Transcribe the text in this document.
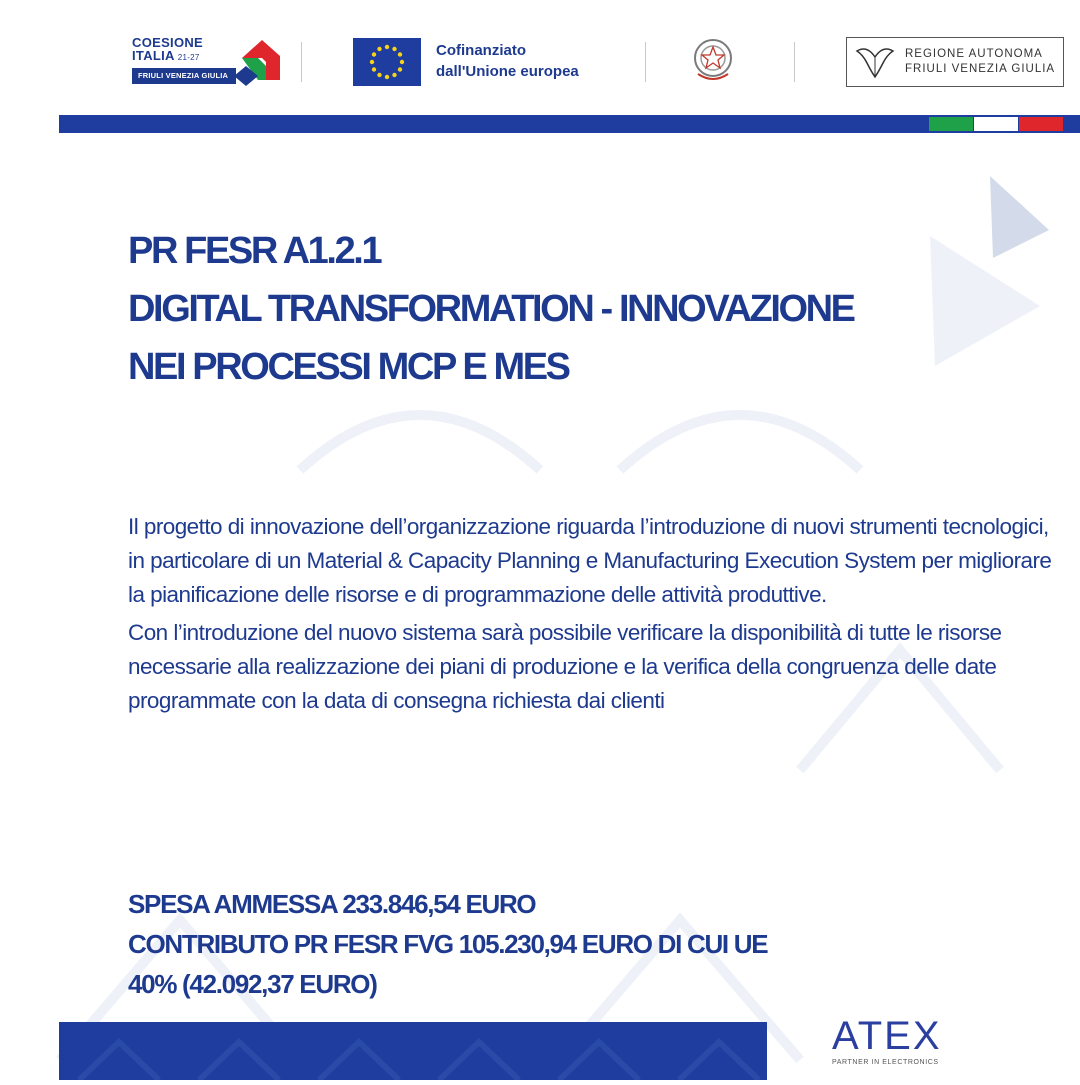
COESIONE
ITALIA 21-27
FRIULI VENEZIA GIULIA
Cofinanziato
dall'Unione europea
REGIONE AUTONOMA
FRIULI VENEZIA GIULIA
PR FESR A1.2.1
DIGITAL TRANSFORMATION - INNOVAZIONE
NEI PROCESSI MCP E MES

Il progetto di innovazione dell’organizzazione riguarda l’introduzione di nuovi strumenti tecnologici, in particolare di un Material & Capacity Planning e Manufacturing Execution System per migliorare la pianificazione delle risorse e di programmazione delle attività produttive.

Con l’introduzione del nuovo sistema sarà possibile verificare la disponibilità di tutte le risorse necessarie alla realizzazione dei piani di produzione e la verifica della congruenza delle date programmate con la data di consegna richiesta dai clienti

SPESA AMMESSA 233.846,54 EURO
CONTRIBUTO PR FESR FVG 105.230,94 EURO DI CUI UE
40% (42.092,37 EURO)
ATEX
PARTNER IN ELECTRONICS
